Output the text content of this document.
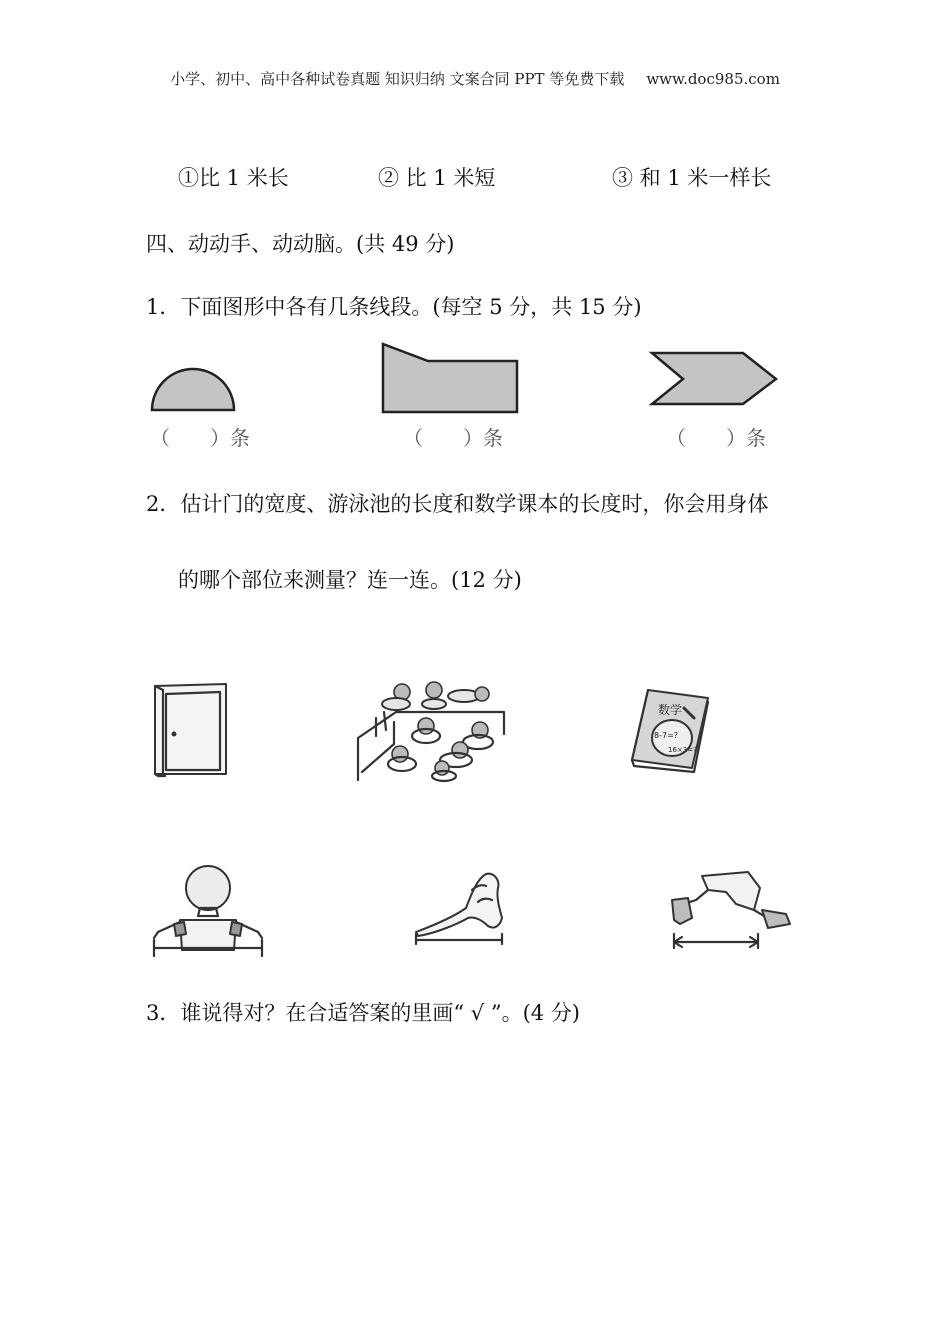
小学、初中、高中各种试卷真题 知识归纳 文案合同 PPT 等免费下载 www.doc985.com
①比 1 米长	② 比 1 米短	③ 和 1 米一样长
四、动动手、动动脑。(共 49 分)
1．下面图形中各有几条线段。(每空 5 分，共 15 分)
（　　）条	（　　）条	（　　）条
2．估计门的宽度、游泳池的长度和数学课本的长度时，你会用身体
的哪个部位来测量？连一连。(12 分)
数学
8-7=?
16×3=?
3．谁说得对？在合适答案的里画“ √ ”。(4 分)
